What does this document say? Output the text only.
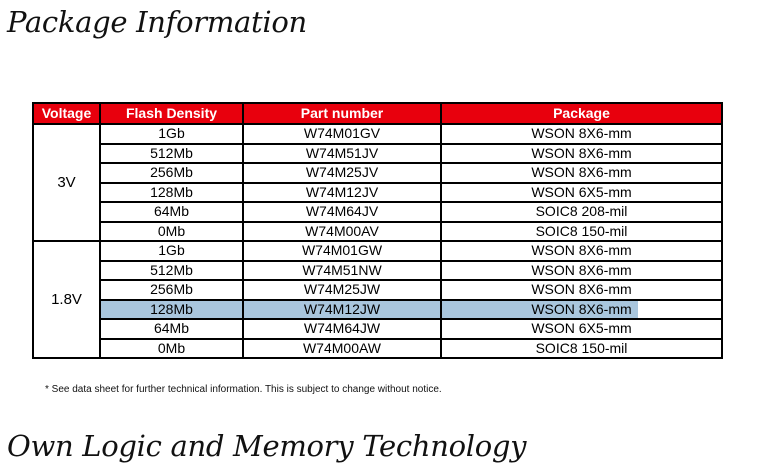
Package Information
Voltage	Flash Density	Part number	Package
3V	1Gb	W74M01GV	WSON 8X6-mm
	512Mb	W74M51JV	WSON 8X6-mm
	256Mb	W74M25JV	WSON 8X6-mm
	128Mb	W74M12JV	WSON 6X5-mm
	64Mb	W74M64JV	SOIC8 208-mil
	0Mb	W74M00AV	SOIC8 150-mil
1.8V	1Gb	W74M01GW	WSON 8X6-mm
	512Mb	W74M51NW	WSON 8X6-mm
	256Mb	W74M25JW	WSON 8X6-mm
	128Mb	W74M12JW	WSON 8X6-mm
	64Mb	W74M64JW	WSON 6X5-mm
	0Mb	W74M00AW	SOIC8 150-mil

* See data sheet for further technical information. This is subject to change without notice.

Own Logic and Memory Technology
